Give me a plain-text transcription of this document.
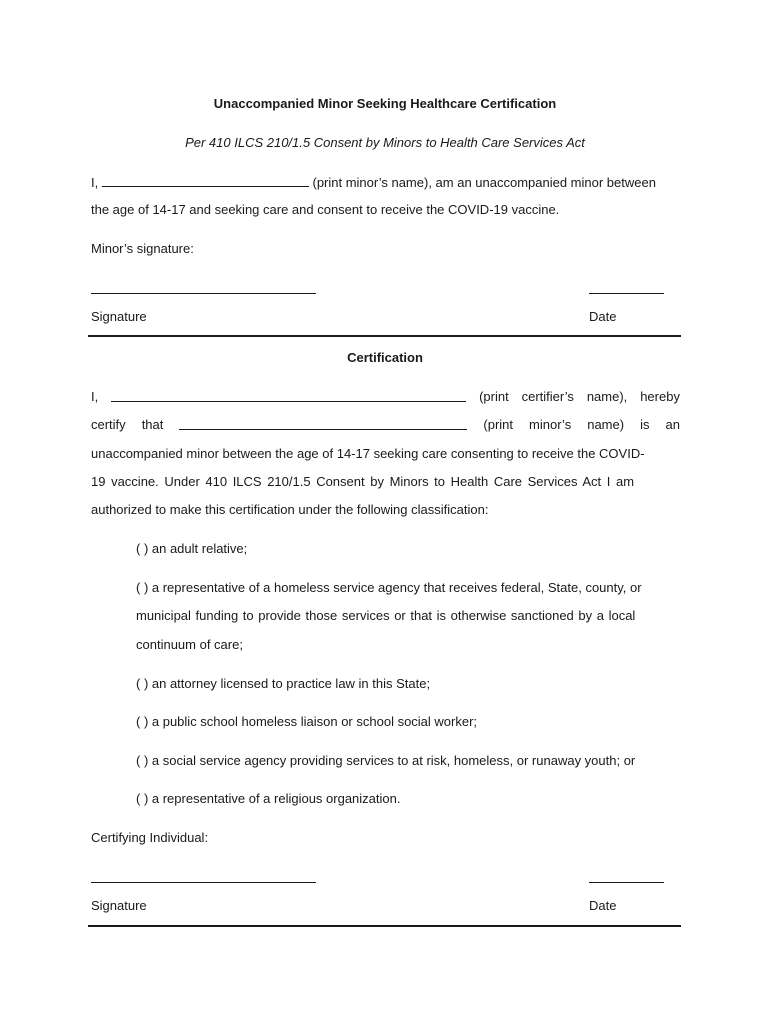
Unaccompanied Minor Seeking Healthcare Certification
Per 410 ILCS 210/1.5 Consent by Minors to Health Care Services Act
I,	(print minor’s name), am an unaccompanied minor between
the age of 14-17 and seeking care and consent to receive the COVID-19 vaccine.
Minor’s signature:
Signature	Date
Certification
I,	(print certifier’s name), hereby
certify that	(print minor’s name) is an
unaccompanied minor between the age of 14-17 seeking care consenting to receive the COVID-
19 vaccine. Under 410 ILCS 210/1.5 Consent by Minors to Health Care Services Act I am
authorized to make this certification under the following classification:
( ) an adult relative;
( ) a representative of a homeless service agency that receives federal, State, county, or
municipal funding to provide those services or that is otherwise sanctioned by a local
continuum of care;
( ) an attorney licensed to practice law in this State;
( ) a public school homeless liaison or school social worker;
( ) a social service agency providing services to at risk, homeless, or runaway youth; or
( ) a representative of a religious organization.
Certifying Individual:
Signature	Date
